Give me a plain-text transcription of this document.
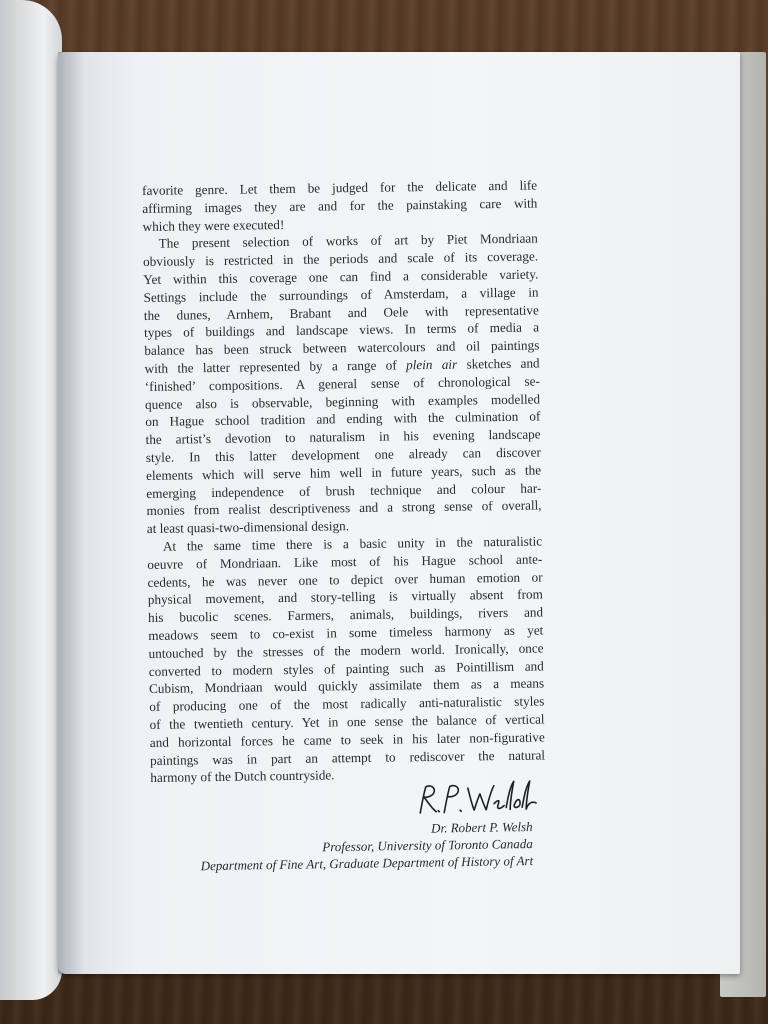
favorite genre. Let them be judged for the delicate and life
affirming images they are and for the painstaking care with
which they were executed!

The present selection of works of art by Piet Mondriaan
obviously is restricted in the periods and scale of its coverage.
Yet within this coverage one can find a considerable variety.
Settings include the surroundings of Amsterdam, a village in
the dunes, Arnhem, Brabant and Oele with representative
types of buildings and landscape views. In terms of media a
balance has been struck between watercolours and oil paintings
with the latter represented by a range of plein air sketches and
‘finished’ compositions. A general sense of chronological se-
quence also is observable, beginning with examples modelled
on Hague school tradition and ending with the culmination of
the artist’s devotion to naturalism in his evening landscape
style. In this latter development one already can discover
elements which will serve him well in future years, such as the
emerging independence of brush technique and colour har-
monies from realist descriptiveness and a strong sense of overall,
at least quasi-two-dimensional design.

At the same time there is a basic unity in the naturalistic
oeuvre of Mondriaan. Like most of his Hague school ante-
cedents, he was never one to depict over human emotion or
physical movement, and story-telling is virtually absent from
his bucolic scenes. Farmers, animals, buildings, rivers and
meadows seem to co-exist in some timeless harmony as yet
untouched by the stresses of the modern world. Ironically, once
converted to modern styles of painting such as Pointillism and
Cubism, Mondriaan would quickly assimilate them as a means
of producing one of the most radically anti-naturalistic styles
of the twentieth century. Yet in one sense the balance of vertical
and horizontal forces he came to seek in his later non-figurative
paintings was in part an attempt to rediscover the natural
harmony of the Dutch countryside.

Dr. Robert P. Welsh
Professor, University of Toronto Canada
Department of Fine Art, Graduate Department of History of Art
